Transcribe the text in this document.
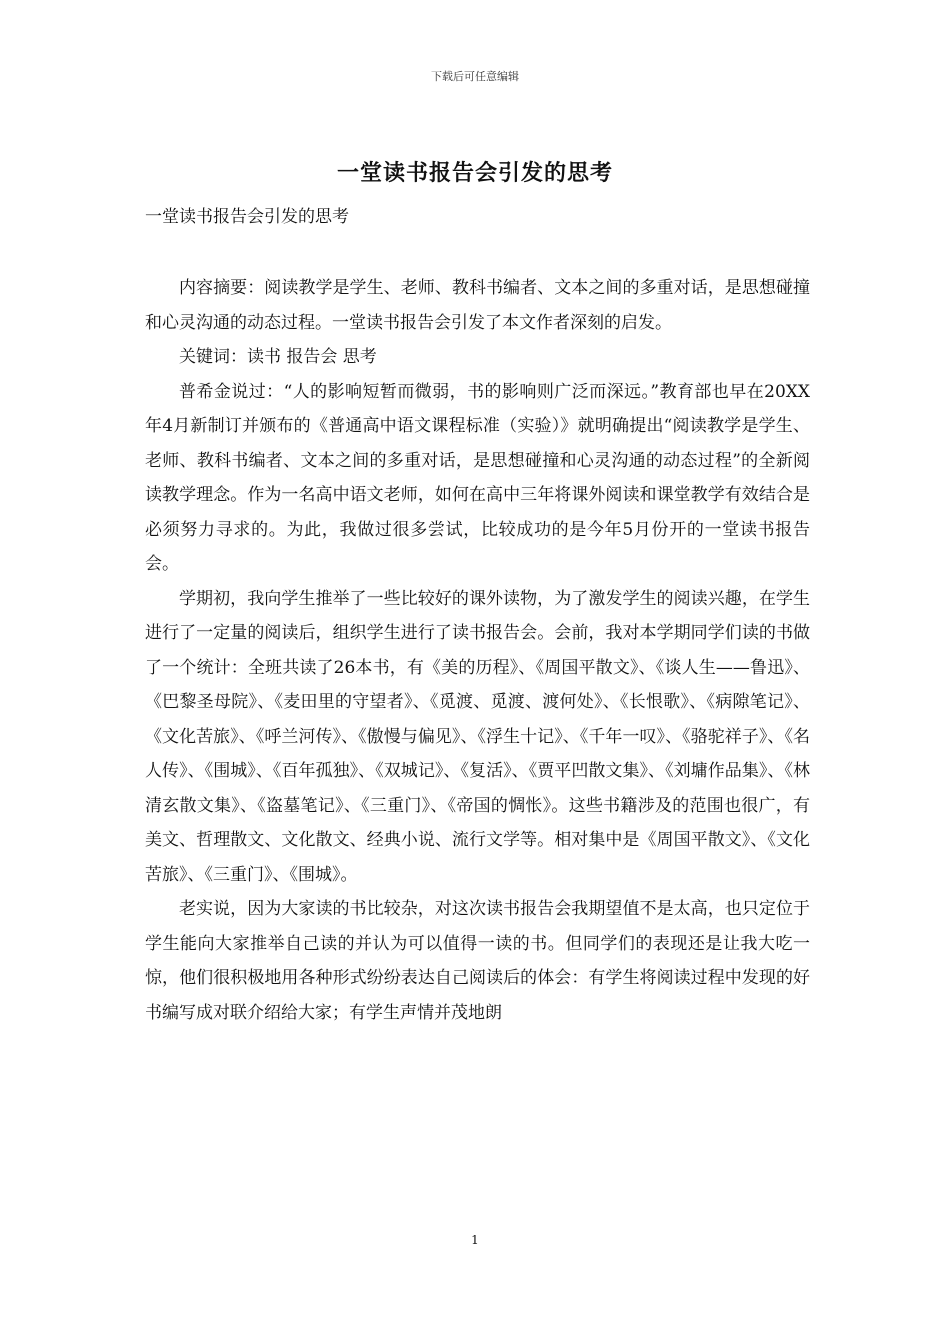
下载后可任意编辑
一堂读书报告会引发的思考
一堂读书报告会引发的思考

内容摘要：阅读教学是学生、老师、教科书编者、文本之间的多重对话，是思想碰撞和心灵沟通的动态过程。一堂读书报告会引发了本文作者深刻的启发。

关键词：读书 报告会 思考

普希金说过：“人的影响短暂而微弱，书的影响则广泛而深远。”教育部也早在20XX年4月新制订并颁布的《普通高中语文课程标准（实验）》就明确提出“阅读教学是学生、老师、教科书编者、文本之间的多重对话，是思想碰撞和心灵沟通的动态过程”的全新阅读教学理念。作为一名高中语文老师，如何在高中三年将课外阅读和课堂教学有效结合是必须努力寻求的。为此，我做过很多尝试，比较成功的是今年5月份开的一堂读书报告会。

学期初，我向学生推举了一些比较好的课外读物，为了激发学生的阅读兴趣，在学生进行了一定量的阅读后，组织学生进行了读书报告会。会前，我对本学期同学们读的书做了一个统计：全班共读了26本书，有《美的历程》、《周国平散文》、《谈人生——鲁迅》、《巴黎圣母院》、《麦田里的守望者》、《觅渡、觅渡、渡何处》、《长恨歌》、《病隙笔记》、《文化苦旅》、《呼兰河传》、《傲慢与偏见》、《浮生十记》、《千年一叹》、《骆驼祥子》、《名人传》、《围城》、《百年孤独》、《双城记》、《复活》、《贾平凹散文集》、《刘墉作品集》、《林清玄散文集》、《盗墓笔记》、《三重门》、《帝国的惆怅》。这些书籍涉及的范围也很广，有美文、哲理散文、文化散文、经典小说、流行文学等。相对集中是《周国平散文》、《文化苦旅》、《三重门》、《围城》。

老实说，因为大家读的书比较杂，对这次读书报告会我期望值不是太高，也只定位于学生能向大家推举自己读的并认为可以值得一读的书。但同学们的表现还是让我大吃一惊，他们很积极地用各种形式纷纷表达自己阅读后的体会：有学生将阅读过程中发现的好书编写成对联介绍给大家；有学生声情并茂地朗

1
